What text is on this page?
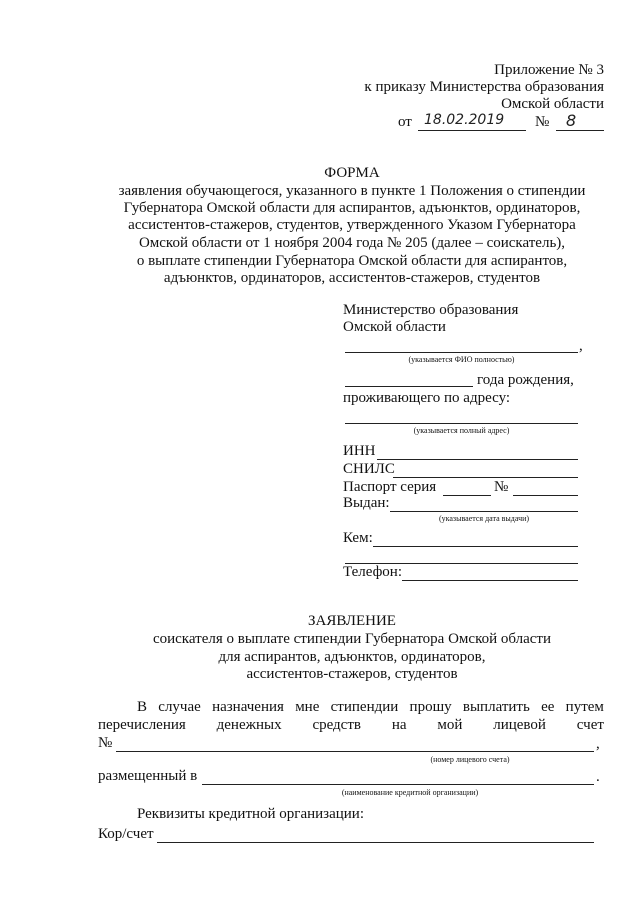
Приложение № 3
к приказу Министерства образования
Омской области
от 18.02.2019 № 8
ФОРМА
заявления обучающегося, указанного в пункте 1 Положения о стипендии
Губернатора Омской области для аспирантов, адъюнктов, ординаторов,
ассистентов-стажеров, студентов, утвержденного Указом Губернатора
Омской области от 1 ноября 2004 года № 205 (далее – соискатель),
о выплате стипендии Губернатора Омской области для аспирантов,
адъюнктов, ординаторов, ассистентов-стажеров, студентов
Министерство образования
Омской области
,
(указывается ФИО полностью)
года рождения,
проживающего по адресу:
(указывается полный адрес)
ИНН
СНИЛС
Паспорт серия	№
Выдан:
(указывается дата выдачи)
Кем:
Телефон:
ЗАЯВЛЕНИЕ
соискателя о выплате стипендии Губернатора Омской области
для аспирантов, адъюнктов, ординаторов,
ассистентов-стажеров, студентов
В случае назначения мне стипендии прошу выплатить ее путем
перечисления денежных средств на мой лицевой счет
№	,
(номер лицевого счета)
размещенный в	.
(наименование кредитной организации)
Реквизиты кредитной организации:
Кор/счет
